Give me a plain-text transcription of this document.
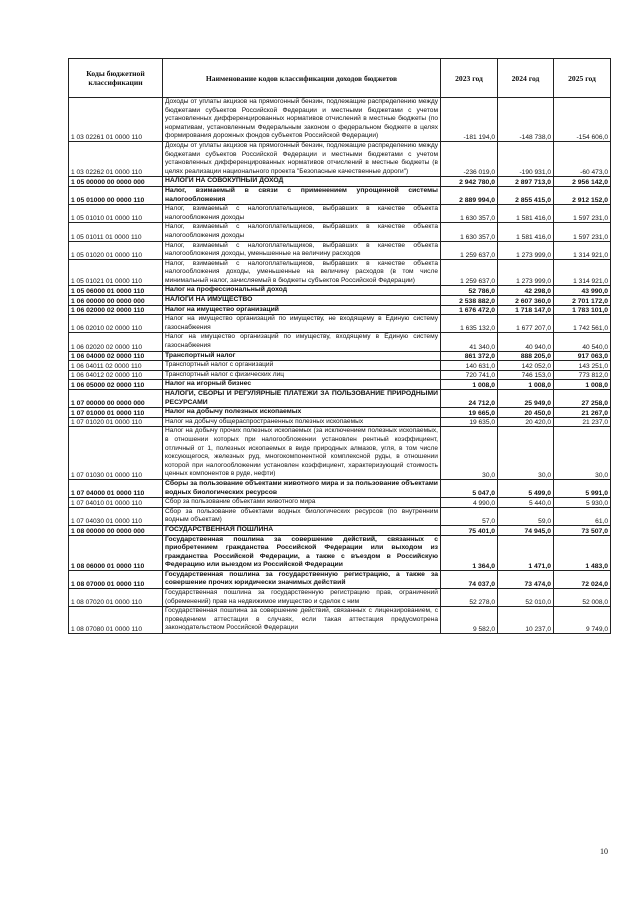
Коды бюджетной классификации	Наименование кодов классификации доходов бюджетов	2023 год	2024 год	2025 год
1 03 02261 01 0000 110	Доходы от уплаты акцизов на прямогонный бензин, подлежащие распределению между бюджетами субъектов Российской Федерации и местными бюджетами с учетом установленных дифференцированных нормативов отчислений в местные бюджеты (по нормативам, установленным Федеральным законом о федеральном бюджете в целях формирования дорожных фондов субъектов Российской Федерации)	-181 194,0	-148 738,0	-154 606,0
1 03 02262 01 0000 110	Доходы от уплаты акцизов на прямогонный бензин, подлежащие распределению между бюджетами субъектов Российской Федерации и местными бюджетами с учетом установленных дифференцированных нормативов отчислений в местные бюджеты (в целях реализации национального проекта "Безопасные качественные дороги")	-236 019,0	-190 931,0	-60 473,0
1 05 00000 00 0000 000	НАЛОГИ НА СОВОКУПНЫЙ ДОХОД	2 942 780,0	2 897 713,0	2 956 142,0
1 05 01000 00 0000 110	Налог, взимаемый в связи с применением упрощенной системы налогообложения	2 889 994,0	2 855 415,0	2 912 152,0
1 05 01010 01 0000 110	Налог, взимаемый с налогоплательщиков, выбравших в качестве объекта налогообложения доходы	1 630 357,0	1 581 416,0	1 597 231,0
1 05 01011 01 0000 110	Налог, взимаемый с налогоплательщиков, выбравших в качестве объекта налогообложения доходы	1 630 357,0	1 581 416,0	1 597 231,0
1 05 01020 01 0000 110	Налог, взимаемый с налогоплательщиков, выбравших в качестве объекта налогообложения доходы, уменьшенные на величину расходов	1 259 637,0	1 273 999,0	1 314 921,0
1 05 01021 01 0000 110	Налог, взимаемый с налогоплательщиков, выбравших в качестве объекта налогообложения доходы, уменьшенные на величину расходов (в том числе минимальный налог, зачисляемый в бюджеты субъектов Российской Федерации)	1 259 637,0	1 273 999,0	1 314 921,0
1 05 06000 01 0000 110	Налог на профессиональный доход	52 786,0	42 298,0	43 990,0
1 06 00000 00 0000 000	НАЛОГИ НА ИМУЩЕСТВО	2 538 882,0	2 607 360,0	2 701 172,0
1 06 02000 02 0000 110	Налог на имущество организаций	1 676 472,0	1 718 147,0	1 783 101,0
1 06 02010 02 0000 110	Налог на имущество организаций по имуществу, не входящему в Единую систему газоснабжения	1 635 132,0	1 677 207,0	1 742 561,0
1 06 02020 02 0000 110	Налог на имущество организаций по имуществу, входящему в Единую систему газоснабжения	41 340,0	40 940,0	40 540,0
1 06 04000 02 0000 110	Транспортный налог	861 372,0	888 205,0	917 063,0
1 06 04011 02 0000 110	Транспортный налог с организаций	140 631,0	142 052,0	143 251,0
1 06 04012 02 0000 110	Транспортный налог с физических лиц	720 741,0	746 153,0	773 812,0
1 06 05000 02 0000 110	Налог на игорный бизнес	1 008,0	1 008,0	1 008,0
1 07 00000 00 0000 000	НАЛОГИ, СБОРЫ И РЕГУЛЯРНЫЕ ПЛАТЕЖИ ЗА ПОЛЬЗОВАНИЕ ПРИРОДНЫМИ РЕСУРСАМИ	24 712,0	25 949,0	27 258,0
1 07 01000 01 0000 110	Налог на добычу полезных ископаемых	19 665,0	20 450,0	21 267,0
1 07 01020 01 0000 110	Налог на добычу общераспространенных полезных ископаемых	19 635,0	20 420,0	21 237,0
1 07 01030 01 0000 110	Налог на добычу прочих полезных ископаемых (за исключением полезных ископаемых, в отношении которых при налогообложении установлен рентный коэффициент, отличный от 1, полезных ископаемых в виде природных алмазов, угля, в том числе коксующегося, железных руд, многокомпонентной комплексной руды, в отношении которой при налогообложении установлен коэффициент, характеризующий стоимость ценных компонентов в руде, нефти)	30,0	30,0	30,0
1 07 04000 01 0000 110	Сборы за пользование объектами животного мира и за пользование объектами водных биологических ресурсов	5 047,0	5 499,0	5 991,0
1 07 04010 01 0000 110	Сбор за пользование объектами животного мира	4 990,0	5 440,0	5 930,0
1 07 04030 01 0000 110	Сбор за пользование объектами водных биологических ресурсов (по внутренним водным объектам)	57,0	59,0	61,0
1 08 00000 00 0000 000	ГОСУДАРСТВЕННАЯ ПОШЛИНА	75 401,0	74 945,0	73 507,0
1 08 06000 01 0000 110	Государственная пошлина за совершение действий, связанных с приобретением гражданства Российской Федерации или выходом из гражданства Российской Федерации, а также с въездом в Российскую Федерацию или выездом из Российской Федерации	1 364,0	1 471,0	1 483,0
1 08 07000 01 0000 110	Государственная пошлина за государственную регистрацию, а также за совершение прочих юридически значимых действий	74 037,0	73 474,0	72 024,0
1 08 07020 01 0000 110	Государственная пошлина за государственную регистрацию прав, ограничений (обременений) прав на недвижимое имущество и сделок с ним	52 278,0	52 010,0	52 008,0
1 08 07080 01 0000 110	Государственная пошлина за совершение действий, связанных с лицензированием, с проведением аттестации в случаях, если такая аттестация предусмотрена законодательством Российской Федерации	9 582,0	10 237,0	9 749,0
10
